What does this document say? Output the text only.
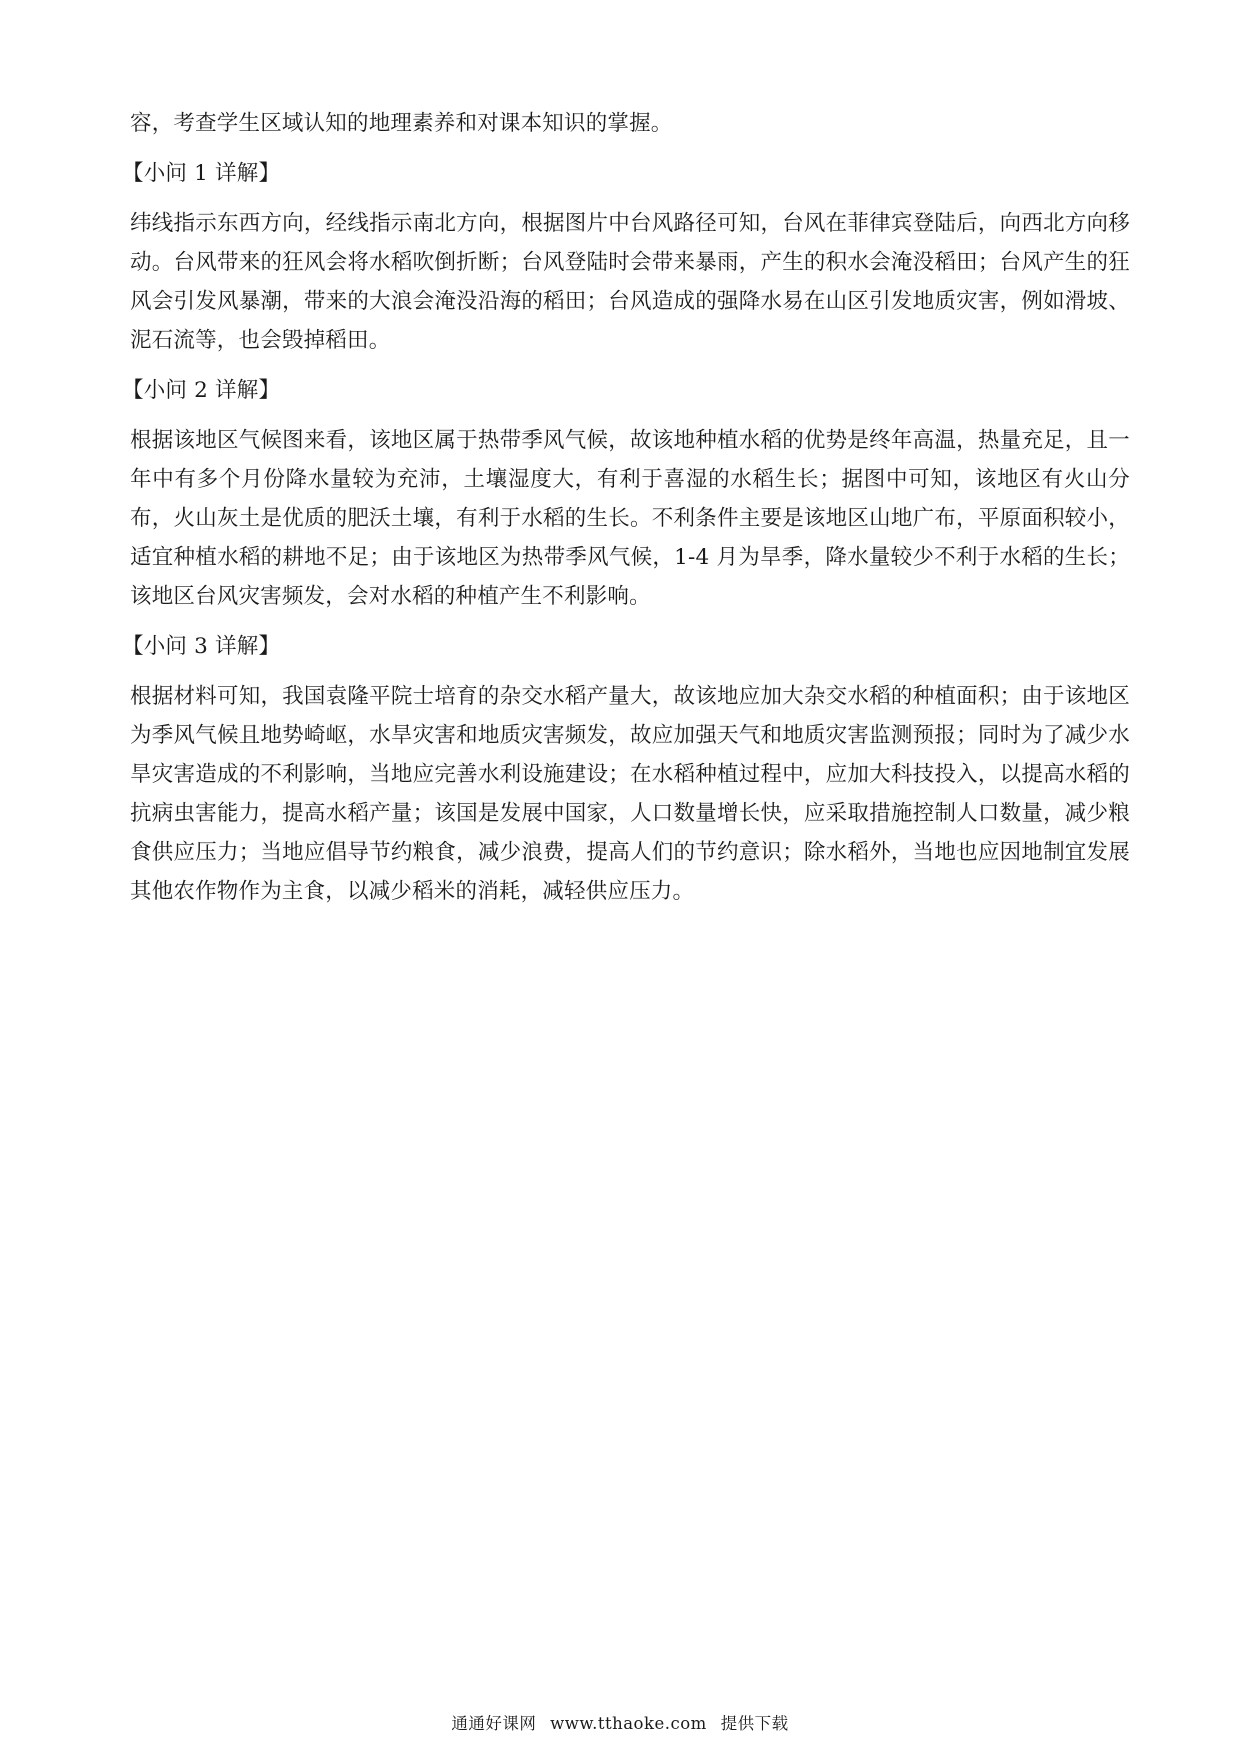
容，考查学生区域认知的地理素养和对课本知识的掌握。

【小问 1 详解】

纬线指示东西方向，经线指示南北方向，根据图片中台风路径可知，台风在菲律宾登陆后，向西北方向移动。台风带来的狂风会将水稻吹倒折断；台风登陆时会带来暴雨，产生的积水会淹没稻田；台风产生的狂风会引发风暴潮，带来的大浪会淹没沿海的稻田；台风造成的强降水易在山区引发地质灾害，例如滑坡、泥石流等，也会毁掉稻田。

【小问 2 详解】

根据该地区气候图来看，该地区属于热带季风气候，故该地种植水稻的优势是终年高温，热量充足，且一年中有多个月份降水量较为充沛，土壤湿度大，有利于喜湿的水稻生长；据图中可知，该地区有火山分布，火山灰土是优质的肥沃土壤，有利于水稻的生长。不利条件主要是该地区山地广布，平原面积较小，适宜种植水稻的耕地不足；由于该地区为热带季风气候，1-4 月为旱季，降水量较少不利于水稻的生长；该地区台风灾害频发，会对水稻的种植产生不利影响。

【小问 3 详解】

根据材料可知，我国袁隆平院士培育的杂交水稻产量大，故该地应加大杂交水稻的种植面积；由于该地区为季风气候且地势崎岖，水旱灾害和地质灾害频发，故应加强天气和地质灾害监测预报；同时为了减少水旱灾害造成的不利影响，当地应完善水利设施建设；在水稻种植过程中，应加大科技投入，以提高水稻的抗病虫害能力，提高水稻产量；该国是发展中国家，人口数量增长快，应采取措施控制人口数量，减少粮食供应压力；当地应倡导节约粮食，减少浪费，提高人们的节约意识；除水稻外，当地也应因地制宜发展其他农作物作为主食，以减少稻米的消耗，减轻供应压力。

通通好课网 www.tthaoke.com 提供下载
